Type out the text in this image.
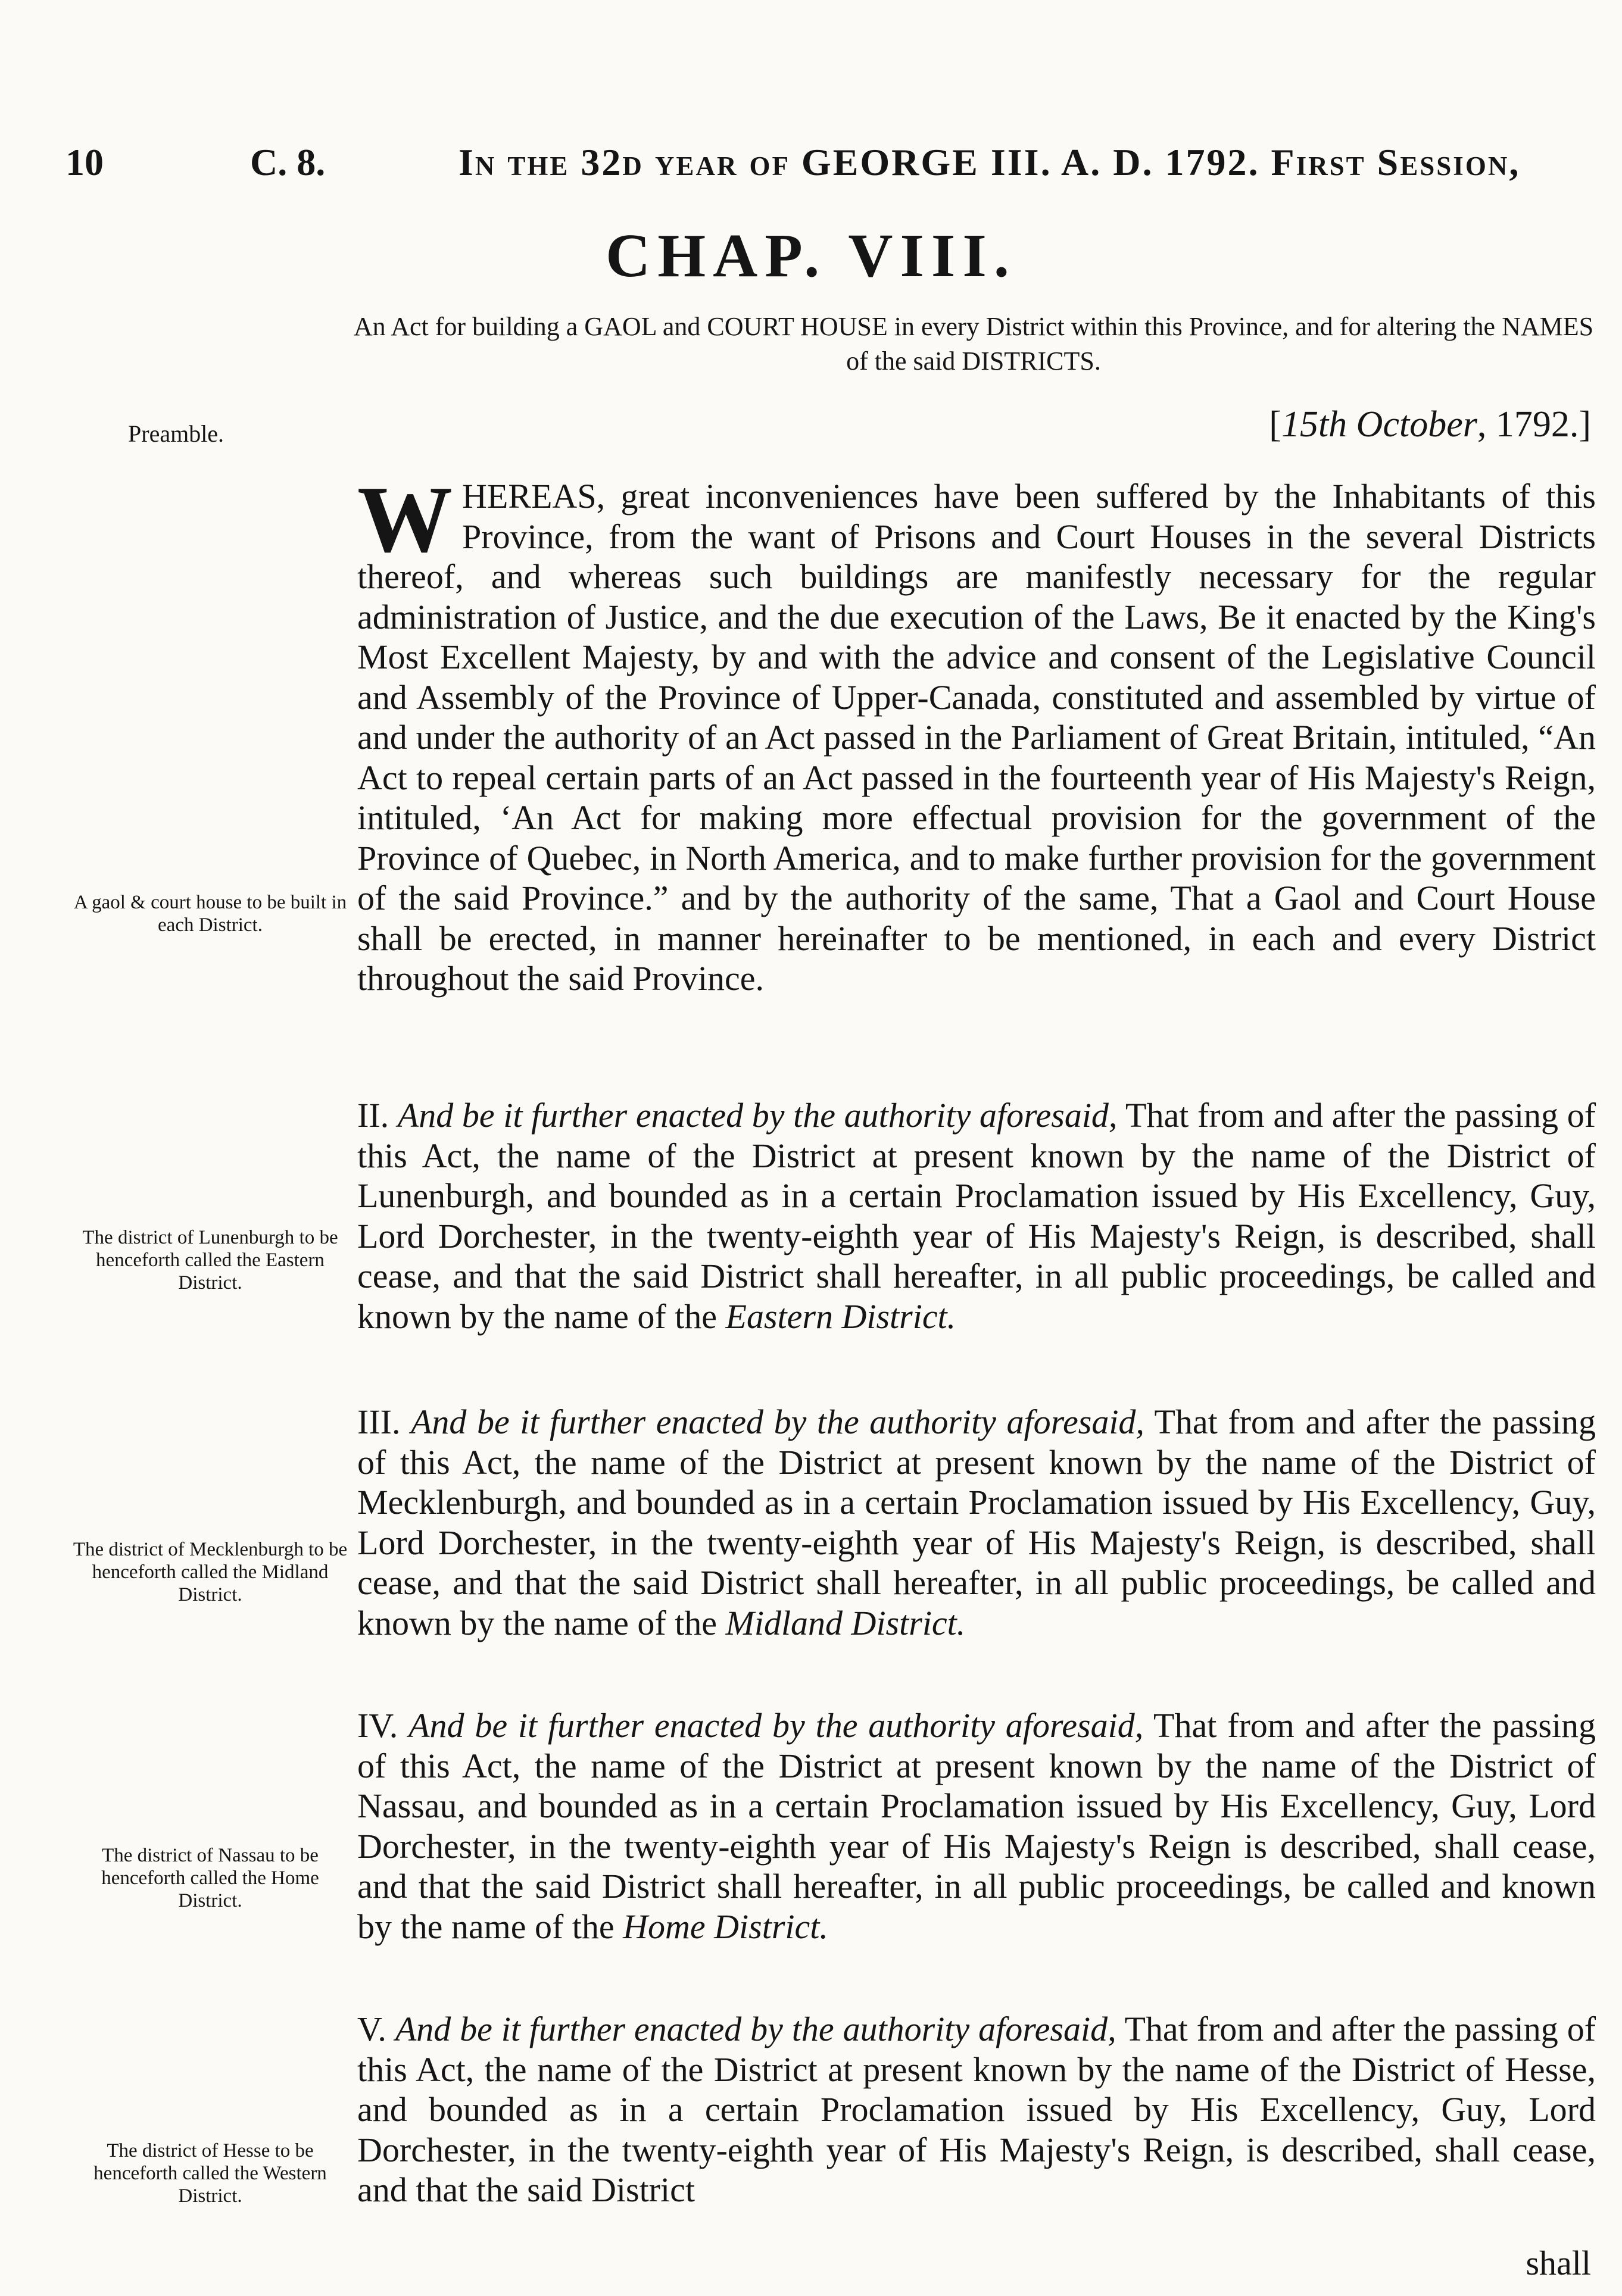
10	C. 8.	In the 32d year of GEORGE III. A. D. 1792. First Session,
CHAP. VIII.
An Act for building a GAOL and COURT HOUSE in every District within this Province, and for altering the NAMES of the said DISTRICTS.
[15th October, 1792.]
Preamble.
A gaol & court house to be built in each District.
The district of Lunenburgh to be henceforth called the Eastern District.
The district of Mecklenburgh to be henceforth called the Midland District.
The district of Nassau to be henceforth called the Home District.
The district of Hesse to be henceforth called the Western District.
WHEREAS, great inconveniences have been suffered by the Inhabitants of this Province, from the want of Prisons and Court Houses in the several Districts thereof, and whereas such buildings are manifestly necessary for the regular administration of Justice, and the due execution of the Laws, Be it enacted by the King's Most Excellent Majesty, by and with the advice and consent of the Legislative Council and Assembly of the Province of Upper-Canada, constituted and assembled by virtue of and under the authority of an Act passed in the Parliament of Great Britain, intituled, “An Act to repeal certain parts of an Act passed in the fourteenth year of His Majesty's Reign, intituled, ‘An Act for making more effectual provision for the government of the Province of Quebec, in North America, and to make further provision for the government of the said Province.” and by the authority of the same, That a Gaol and Court House shall be erected, in manner hereinafter to be mentioned, in each and every District throughout the said Province.
II. And be it further enacted by the authority aforesaid, That from and after the passing of this Act, the name of the District at present known by the name of the District of Lunenburgh, and bounded as in a certain Proclamation issued by His Excellency, Guy, Lord Dorchester, in the twenty-eighth year of His Majesty's Reign, is described, shall cease, and that the said District shall hereafter, in all public proceedings, be called and known by the name of the Eastern District.
III. And be it further enacted by the authority aforesaid, That from and after the passing of this Act, the name of the District at present known by the name of the District of Mecklenburgh, and bounded as in a certain Proclamation issued by His Excellency, Guy, Lord Dorchester, in the twenty-eighth year of His Majesty's Reign, is described, shall cease, and that the said District shall hereafter, in all public proceedings, be called and known by the name of the Midland District.
IV. And be it further enacted by the authority aforesaid, That from and after the passing of this Act, the name of the District at present known by the name of the District of Nassau, and bounded as in a certain Proclamation issued by His Excellency, Guy, Lord Dorchester, in the twenty-eighth year of His Majesty's Reign is described, shall cease, and that the said District shall hereafter, in all public proceedings, be called and known by the name of the Home District.
V. And be it further enacted by the authority aforesaid, That from and after the passing of this Act, the name of the District at present known by the name of the District of Hesse, and bounded as in a certain Proclamation issued by His Excellency, Guy, Lord Dorchester, in the twenty-eighth year of His Majesty's Reign, is described, shall cease, and that the said District
shall
